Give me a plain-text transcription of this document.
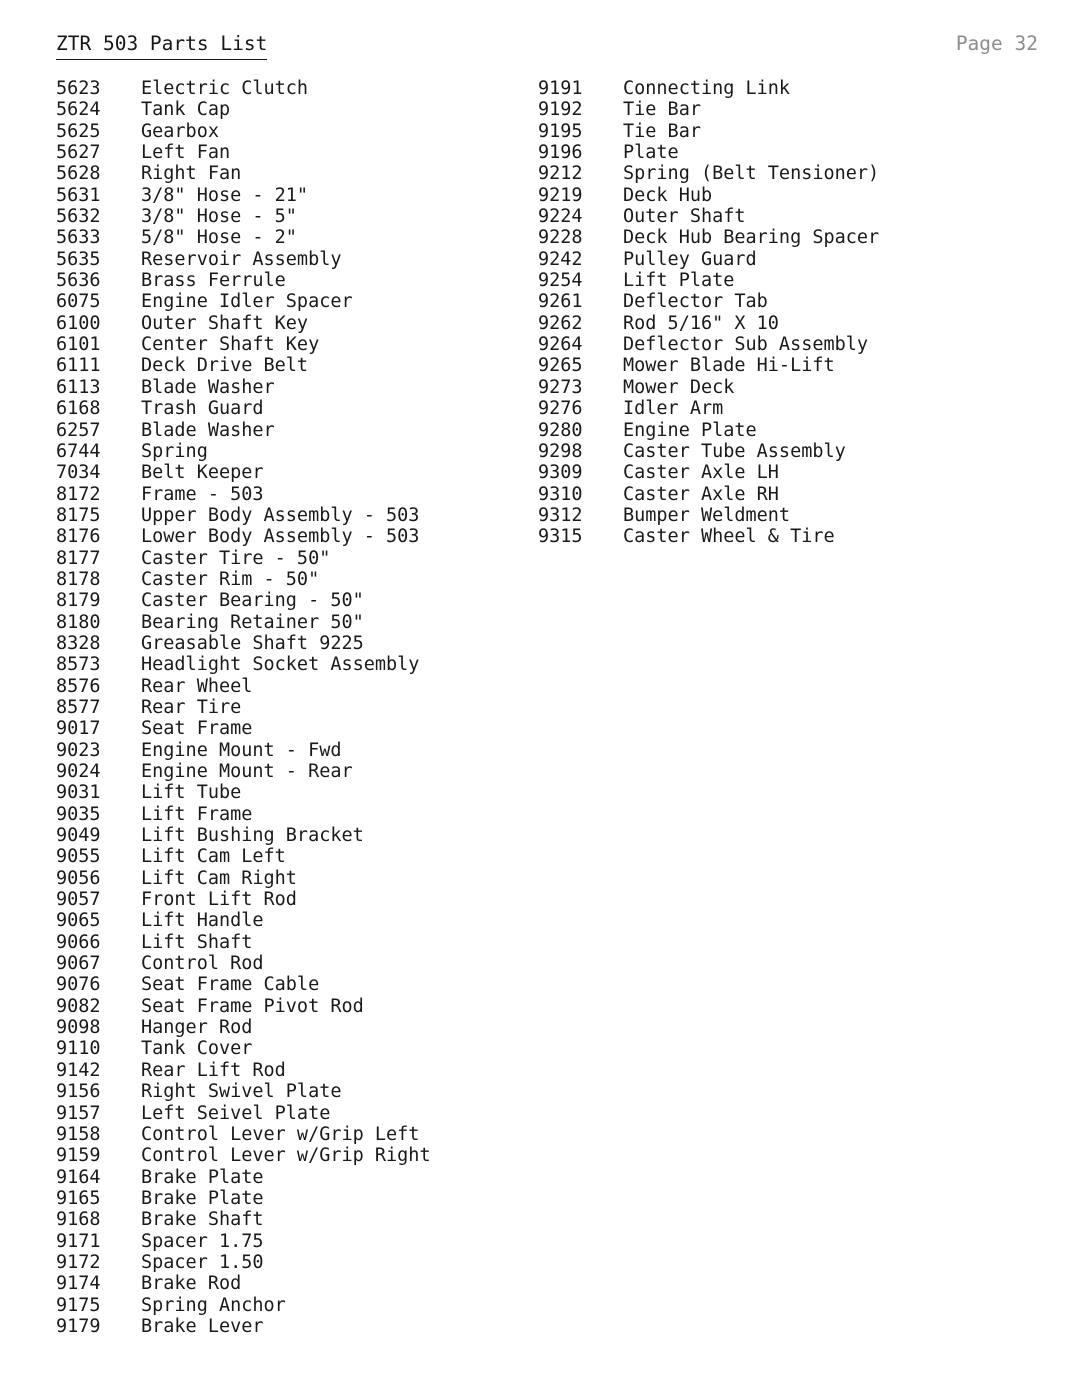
ZTR 503 Parts List	Page 32
5623 Electric Clutch
5624 Tank Cap
5625 Gearbox
5627 Left Fan
5628 Right Fan
5631 3/8" Hose - 21"
5632 3/8" Hose - 5"
5633 5/8" Hose - 2"
5635 Reservoir Assembly
5636 Brass Ferrule
6075 Engine Idler Spacer
6100 Outer Shaft Key
6101 Center Shaft Key
6111 Deck Drive Belt
6113 Blade Washer
6168 Trash Guard
6257 Blade Washer
6744 Spring
7034 Belt Keeper
8172 Frame - 503
8175 Upper Body Assembly - 503
8176 Lower Body Assembly - 503
8177 Caster Tire - 50"
8178 Caster Rim - 50"
8179 Caster Bearing - 50"
8180 Bearing Retainer 50"
8328 Greasable Shaft 9225
8573 Headlight Socket Assembly
8576 Rear Wheel
8577 Rear Tire
9017 Seat Frame
9023 Engine Mount - Fwd
9024 Engine Mount - Rear
9031 Lift Tube
9035 Lift Frame
9049 Lift Bushing Bracket
9055 Lift Cam Left
9056 Lift Cam Right
9057 Front Lift Rod
9065 Lift Handle
9066 Lift Shaft
9067 Control Rod
9076 Seat Frame Cable
9082 Seat Frame Pivot Rod
9098 Hanger Rod
9110 Tank Cover
9142 Rear Lift Rod
9156 Right Swivel Plate
9157 Left Seivel Plate
9158 Control Lever w/Grip Left
9159 Control Lever w/Grip Right
9164 Brake Plate
9165 Brake Plate
9168 Brake Shaft
9171 Spacer 1.75
9172 Spacer 1.50
9174 Brake Rod
9175 Spring Anchor
9179 Brake Lever
9191 Connecting Link
9192 Tie Bar
9195 Tie Bar
9196 Plate
9212 Spring (Belt Tensioner)
9219 Deck Hub
9224 Outer Shaft
9228 Deck Hub Bearing Spacer
9242 Pulley Guard
9254 Lift Plate
9261 Deflector Tab
9262 Rod 5/16" X 10
9264 Deflector Sub Assembly
9265 Mower Blade Hi-Lift
9273 Mower Deck
9276 Idler Arm
9280 Engine Plate
9298 Caster Tube Assembly
9309 Caster Axle LH
9310 Caster Axle RH
9312 Bumper Weldment
9315 Caster Wheel & Tire
